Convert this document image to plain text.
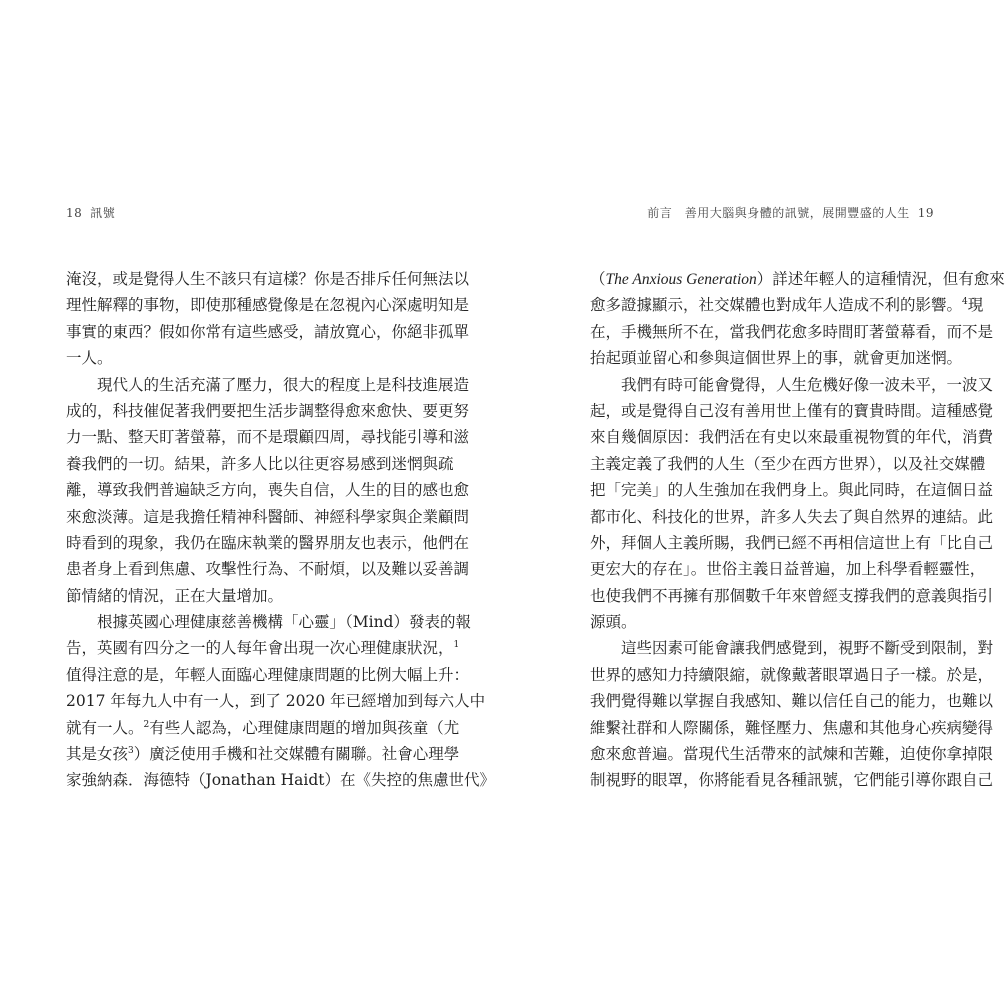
18 訊號
淹沒，或是覺得人生不該只有這樣？你是否排斥任何無法以
理性解釋的事物，即使那種感覺像是在忽視內心深處明知是
事實的東西？假如你常有這些感受，請放寬心，你絕非孤單
一人。
現代人的生活充滿了壓力，很大的程度上是科技進展造
成的，科技催促著我們要把生活步調整得愈來愈快、要更努
力一點、整天盯著螢幕，而不是環顧四周，尋找能引導和滋
養我們的一切。結果，許多人比以往更容易感到迷惘與疏
離，導致我們普遍缺乏方向，喪失自信，人生的目的感也愈
來愈淡薄。這是我擔任精神科醫師、神經科學家與企業顧問
時看到的現象，我仍在臨床執業的醫界朋友也表示，他們在
患者身上看到焦慮、攻擊性行為、不耐煩，以及難以妥善調
節情緒的情況，正在大量增加。
根據英國心理健康慈善機構「心靈」（Mind）發表的報
告，英國有四分之一的人每年會出現一次心理健康狀況，$^1$
值得注意的是，年輕人面臨心理健康問題的比例大幅上升：
2017 年每九人中有一人，到了 2020 年已經增加到每六人中
就有一人。$^2$有些人認為，心理健康問題的增加與孩童（尤
其是女孩$^3$）廣泛使用手機和社交媒體有關聯。社會心理學
家強納森．海德特（Jonathan Haidt）在《失控的焦慮世代》
前言　善用大腦與身體的訊號，展開豐盛的人生 19
（The Anxious Generation）詳述年輕人的這種情況，但有愈來
愈多證據顯示，社交媒體也對成年人造成不利的影響。$^4$現
在，手機無所不在，當我們花愈多時間盯著螢幕看，而不是
抬起頭並留心和參與這個世界上的事，就會更加迷惘。
我們有時可能會覺得，人生危機好像一波未平，一波又
起，或是覺得自己沒有善用世上僅有的寶貴時間。這種感覺
來自幾個原因：我們活在有史以來最重視物質的年代，消費
主義定義了我們的人生（至少在西方世界），以及社交媒體
把「完美」的人生強加在我們身上。與此同時，在這個日益
都市化、科技化的世界，許多人失去了與自然界的連結。此
外，拜個人主義所賜，我們已經不再相信這世上有「比自己
更宏大的存在」。世俗主義日益普遍，加上科學看輕靈性，
也使我們不再擁有那個數千年來曾經支撐我們的意義與指引
源頭。
這些因素可能會讓我們感覺到，視野不斷受到限制，對
世界的感知力持續限縮，就像戴著眼罩過日子一樣。於是，
我們覺得難以掌握自我感知、難以信任自己的能力，也難以
維繫社群和人際關係，難怪壓力、焦慮和其他身心疾病變得
愈來愈普遍。當現代生活帶來的試煉和苦難，迫使你拿掉限
制視野的眼罩，你將能看見各種訊號，它們能引導你跟自己
